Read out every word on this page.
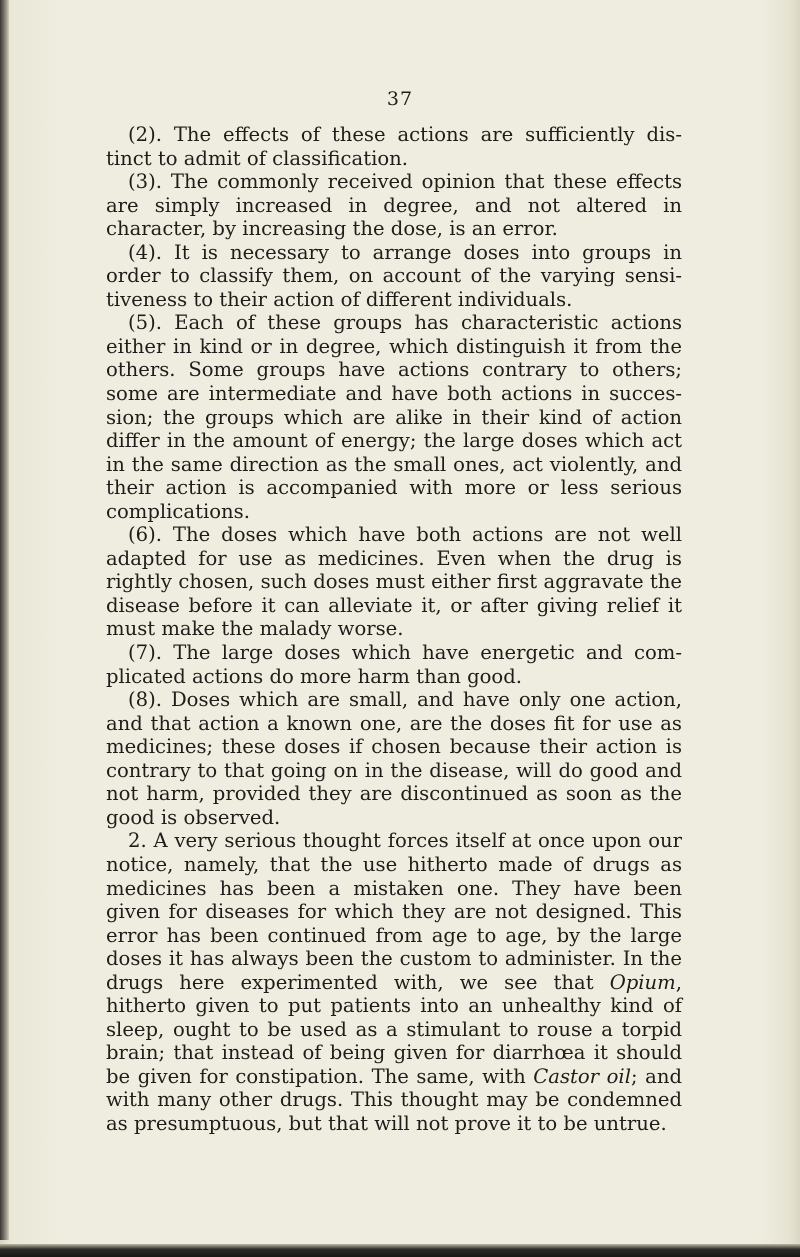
37

(2). The effects of these actions are sufficiently dis- tinct to admit of classification.

(3). The commonly received opinion that these effects are simply increased in degree, and not altered in character, by increasing the dose, is an error.

(4). It is necessary to arrange doses into groups in order to classify them, on account of the varying sensi- tiveness to their action of different individuals.

(5). Each of these groups has characteristic actions either in kind or in degree, which distinguish it from the others. Some groups have actions contrary to others; some are intermediate and have both actions in succes- sion; the groups which are alike in their kind of action differ in the amount of energy; the large doses which act in the same direction as the small ones, act violently, and their action is accompanied with more or less serious complications.

(6). The doses which have both actions are not well adapted for use as medicines. Even when the drug is rightly chosen, such doses must either first aggravate the disease before it can alleviate it, or after giving relief it must make the malady worse.

(7). The large doses which have energetic and com- plicated actions do more harm than good.

(8). Doses which are small, and have only one action, and that action a known one, are the doses fit for use as medicines; these doses if chosen because their action is contrary to that going on in the disease, will do good and not harm, provided they are discontinued as soon as the good is observed.

2. A very serious thought forces itself at once upon our notice, namely, that the use hitherto made of drugs as medicines has been a mistaken one. They have been given for diseases for which they are not designed. This error has been continued from age to age, by the large doses it has always been the custom to administer. In the drugs here experimented with, we see that Opium, hitherto given to put patients into an unhealthy kind of sleep, ought to be used as a stimulant to rouse a torpid brain; that instead of being given for diarrhœa it should be given for constipation. The same, with Castor oil; and with many other drugs. This thought may be condemned as presumptuous, but that will not prove it to be untrue.
